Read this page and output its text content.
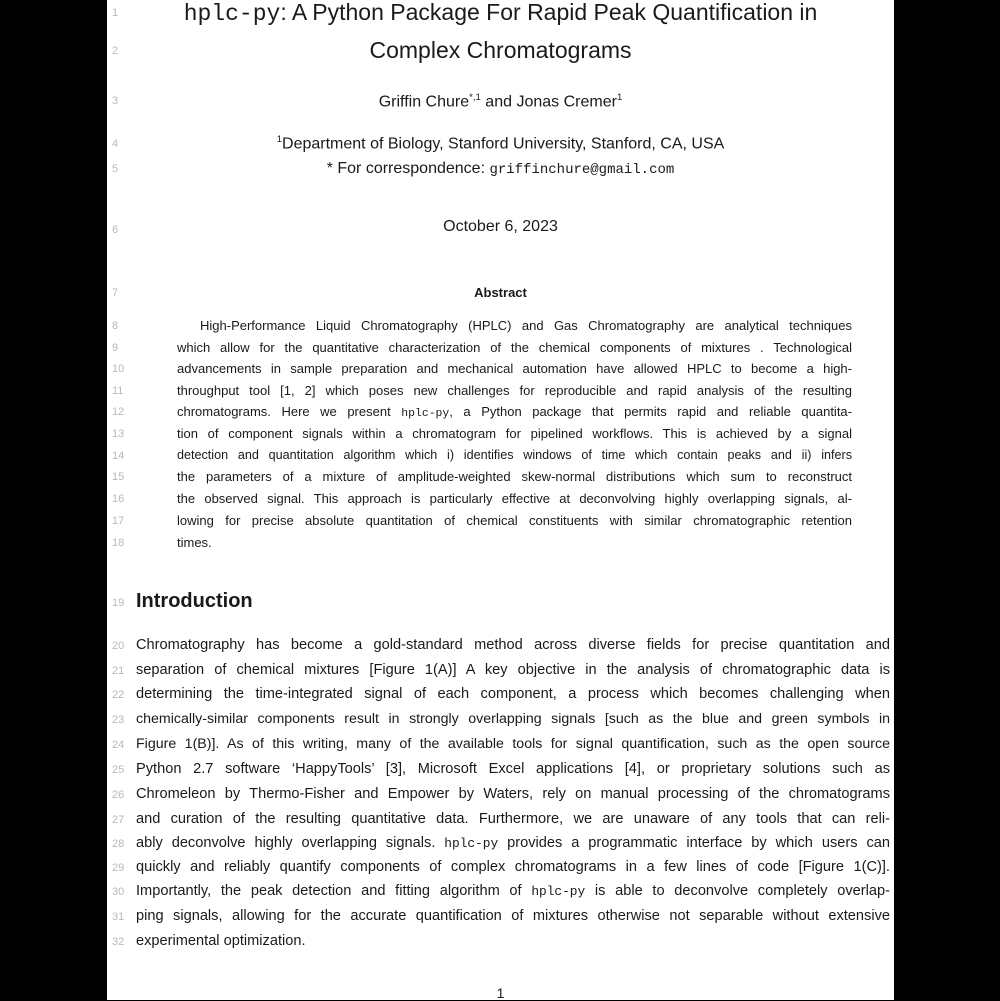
1
2
3
4
5
6
7
8
9
10
11
12
13
14
15
16
17
18
19
20
21
22
23
24
25
26
27
28
29
30
31
32
hplc-py: A Python Package For Rapid Peak Quantification in
Complex Chromatograms
Griffin Chure$^{*,1}$ and Jonas Cremer$^1$
$^1$Department of Biology, Stanford University, Stanford, CA, USA
* For correspondence: griffinchure@gmail.com
October 6, 2023
Abstract
High-Performance Liquid Chromatography (HPLC) and Gas Chromatography are analytical techniques
which allow for the quantitative characterization of the chemical components of mixtures . Technological
advancements in sample preparation and mechanical automation have allowed HPLC to become a high-
throughput tool [1, 2] which poses new challenges for reproducible and rapid analysis of the resulting
chromatograms. Here we present hplc-py, a Python package that permits rapid and reliable quantita-
tion of component signals within a chromatogram for pipelined workflows. This is achieved by a signal
detection and quantitation algorithm which i) identifies windows of time which contain peaks and ii) infers
the parameters of a mixture of amplitude-weighted skew-normal distributions which sum to reconstruct
the observed signal. This approach is particularly effective at deconvolving highly overlapping signals, al-
lowing for precise absolute quantitation of chemical constituents with similar chromatographic retention
times.
Introduction
Chromatography has become a gold-standard method across diverse fields for precise quantitation and
separation of chemical mixtures [Figure 1(A)] A key objective in the analysis of chromatographic data is
determining the time-integrated signal of each component, a process which becomes challenging when
chemically-similar components result in strongly overlapping signals [such as the blue and green symbols in
Figure 1(B)]. As of this writing, many of the available tools for signal quantification, such as the open source
Python 2.7 software ‘HappyTools’ [3], Microsoft Excel applications [4], or proprietary solutions such as
Chromeleon by Thermo-Fisher and Empower by Waters, rely on manual processing of the chromatograms
and curation of the resulting quantitative data. Furthermore, we are unaware of any tools that can reli-
ably deconvolve highly overlapping signals. hplc-py provides a programmatic interface by which users can
quickly and reliably quantify components of complex chromatograms in a few lines of code [Figure 1(C)].
Importantly, the peak detection and fitting algorithm of hplc-py is able to deconvolve completely overlap-
ping signals, allowing for the accurate quantification of mixtures otherwise not separable without extensive
experimental optimization.
1
